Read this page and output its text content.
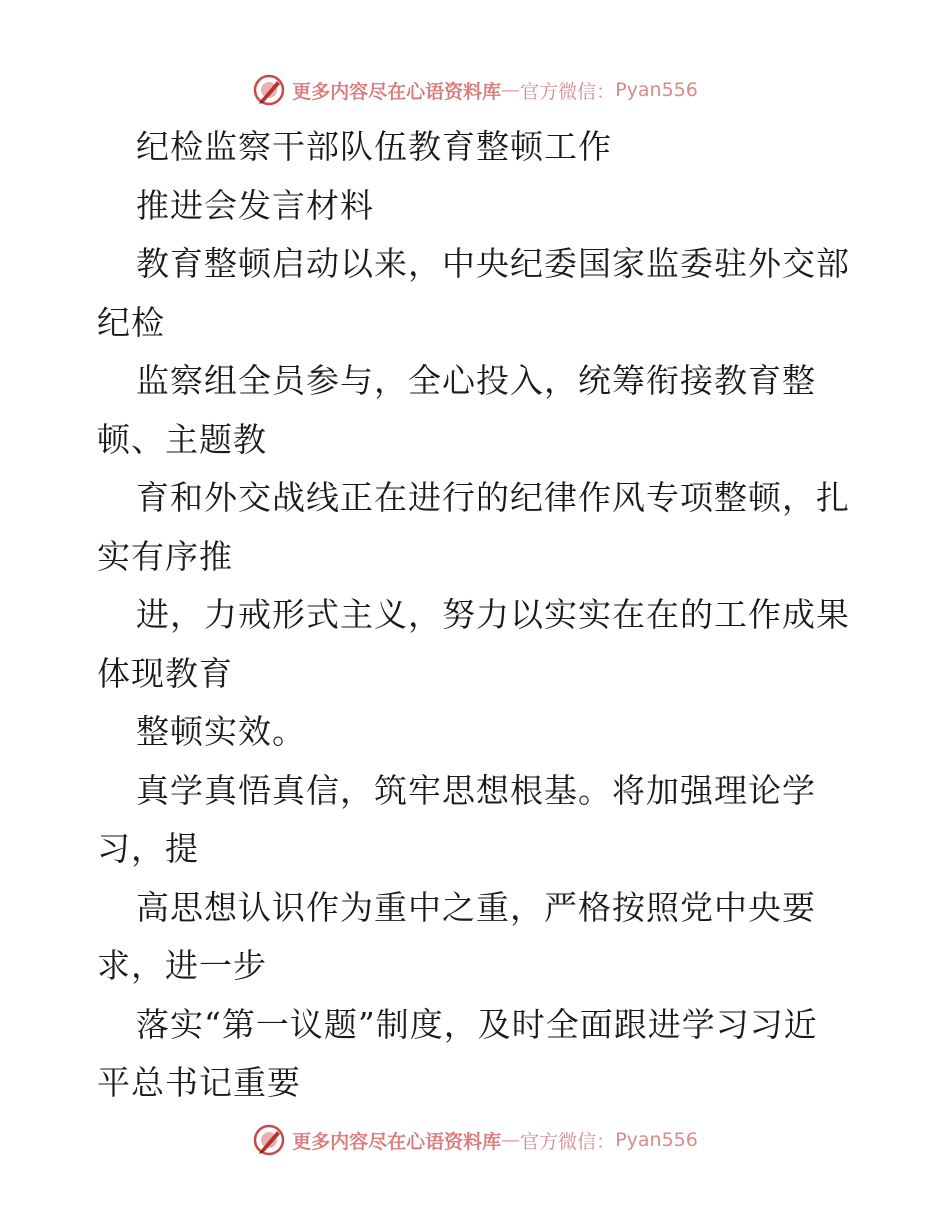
更多内容尽在心语资料库 — 官方微信： Pyan556
纪检监察干部队伍教育整顿工作
推进会发言材料
教育整顿启动以来，中央纪委国家监委驻外交部
纪检
监察组全员参与，全心投入，统筹衔接教育整
顿、主题教
育和外交战线正在进行的纪律作风专项整顿，扎
实有序推
进，力戒形式主义，努力以实实在在的工作成果
体现教育
整顿实效。
真学真悟真信，筑牢思想根基。将加强理论学
习，提
高思想认识作为重中之重，严格按照党中央要
求，进一步
落实“第一议题”制度，及时全面跟进学习习近
平总书记重要
更多内容尽在心语资料库 — 官方微信： Pyan556
